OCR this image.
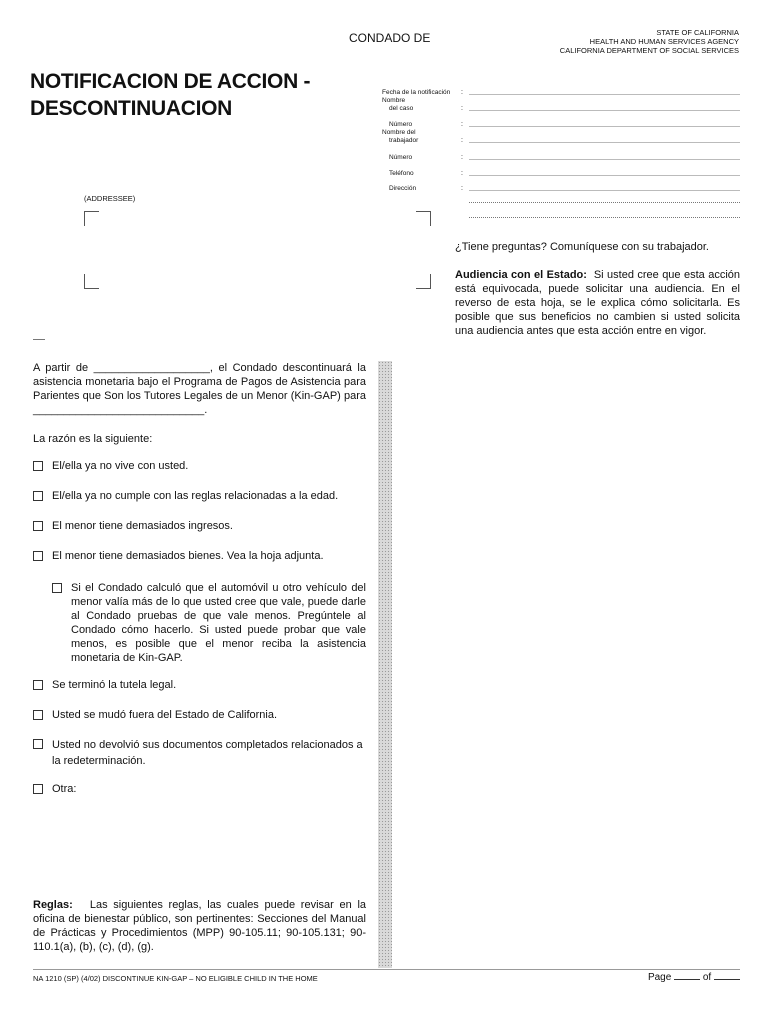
CONDADO DE	STATE OF CALIFORNIA
HEALTH AND HUMAN SERVICES AGENCY
CALIFORNIA DEPARTMENT OF SOCIAL SERVICES
NOTIFICACION DE ACCION -
DESCONTINUACION
Fecha de la notificación :
Nombre
del caso	:
Número	:
Nombre del
trabajador	:
Número	:
Teléfono	:
Dirección	:
(ADDRESSEE)
¿Tiene preguntas? Comuníquese con su trabajador.
Audiencia con el Estado: Si usted cree que esta acción está equivocada, puede solicitar una audiencia. En el reverso de esta hoja, se le explica cómo solicitarla. Es posible que sus beneficios no cambien si usted solicita una audiencia antes que esta acción entre en vigor.
A partir de ___________________, el Condado descontinuará la asistencia monetaria bajo el Programa de Pagos de Asistencia para Parientes que Son los Tutores Legales de un Menor (Kin-GAP) para ____________________________.
La razón es la siguiente:
El/ella ya no vive con usted.
El/ella ya no cumple con las reglas relacionadas a la edad.
El menor tiene demasiados ingresos.
El menor tiene demasiados bienes. Vea la hoja adjunta.
Si el Condado calculó que el automóvil u otro vehículo del menor valía más de lo que usted cree que vale, puede darle al Condado pruebas de que vale menos. Pregúntele al Condado cómo hacerlo. Si usted puede probar que vale menos, es posible que el menor reciba la asistencia monetaria de Kin-GAP.
Se terminó la tutela legal.
Usted se mudó fuera del Estado de California.
Usted no devolvió sus documentos completados relacionados a la redeterminación.
Otra:
Reglas: Las siguientes reglas, las cuales puede revisar en la oficina de bienestar público, son pertinentes: Secciones del Manual de Prácticas y Procedimientos (MPP) 90-105.11; 90-105.131; 90-110.1(a), (b), (c), (d), (g).
NA 1210 (SP) (4/02) DISCONTINUE KIN-GAP – NO ELIGIBLE CHILD IN THE HOME	Page	of
